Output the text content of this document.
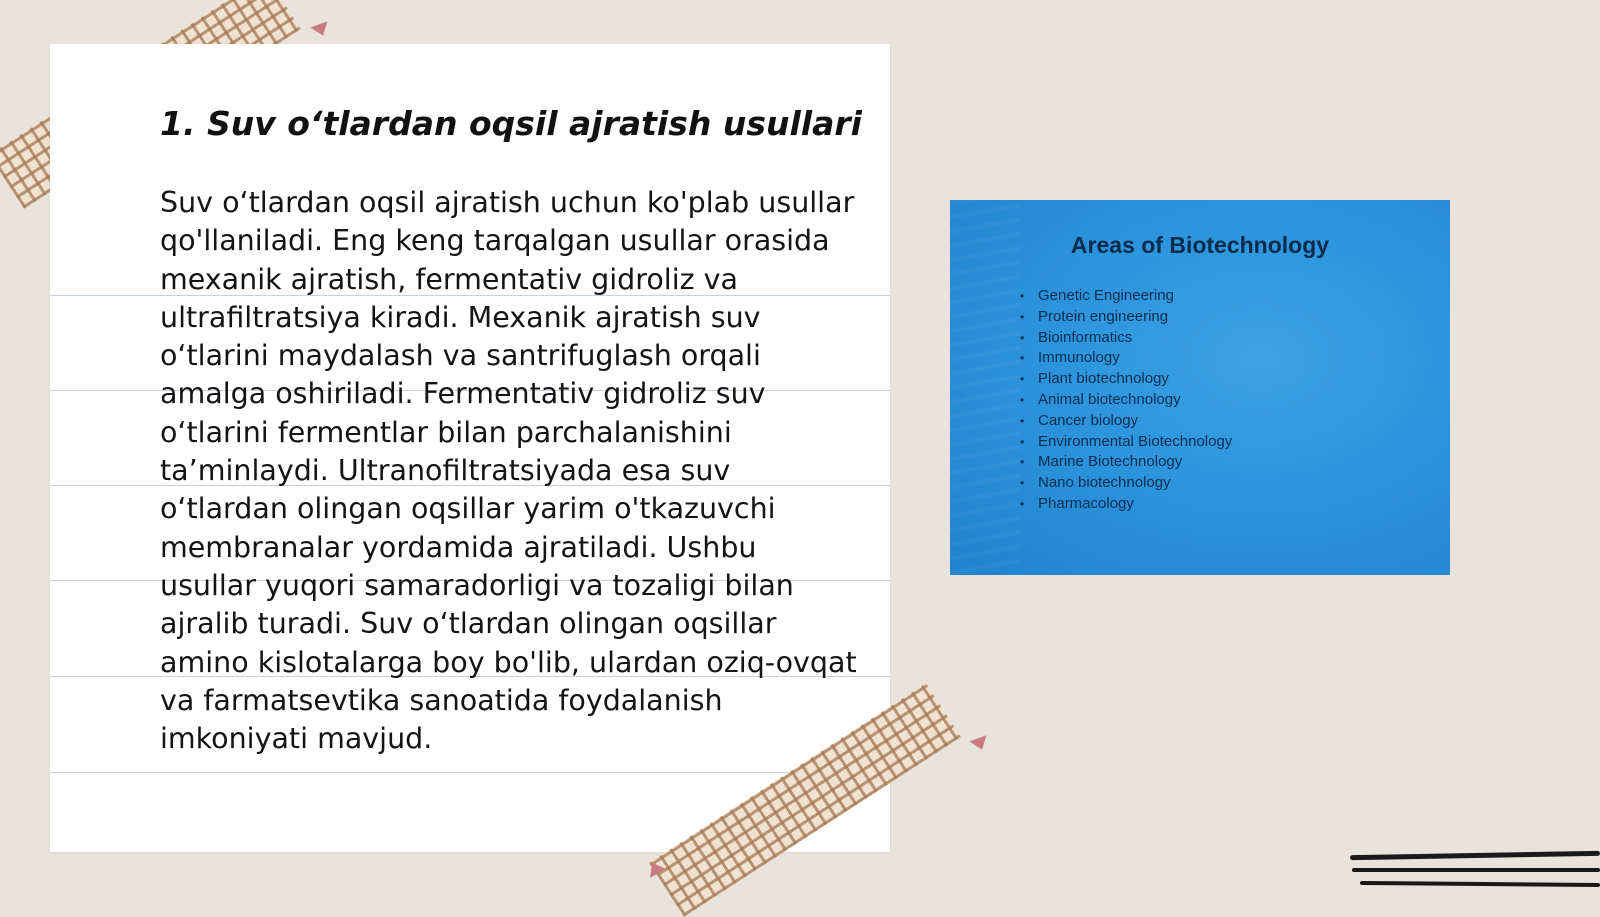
1. Suv o‘tlardan oqsil ajratish usullari

Suv o‘tlardan oqsil ajratish uchun ko'plab usullar qo'llaniladi. Eng keng tarqalgan usullar orasida mexanik ajratish, fermentativ gidroliz va ultrafiltratsiya kiradi. Mexanik ajratish suv o‘tlarini maydalash va santrifuglash orqali amalga oshiriladi. Fermentativ gidroliz suv o‘tlarini fermentlar bilan parchalanishini ta’minlaydi. Ultranofiltratsiyada esa suv o‘tlardan olingan oqsillar yarim o'tkazuvchi membranalar yordamida ajratiladi. Ushbu usullar yuqori samaradorligi va tozaligi bilan ajralib turadi. Suv o‘tlardan olingan oqsillar amino kislotalarga boy bo'lib, ulardan oziq-ovqat va farmatsevtika sanoatida foydalanish imkoniyati mavjud.

Areas of Biotechnology
• Genetic Engineering
• Protein engineering
• Bioinformatics
• Immunology
• Plant biotechnology
• Animal biotechnology
• Cancer biology
• Environmental Biotechnology
• Marine Biotechnology
• Nano biotechnology
• Pharmacology
